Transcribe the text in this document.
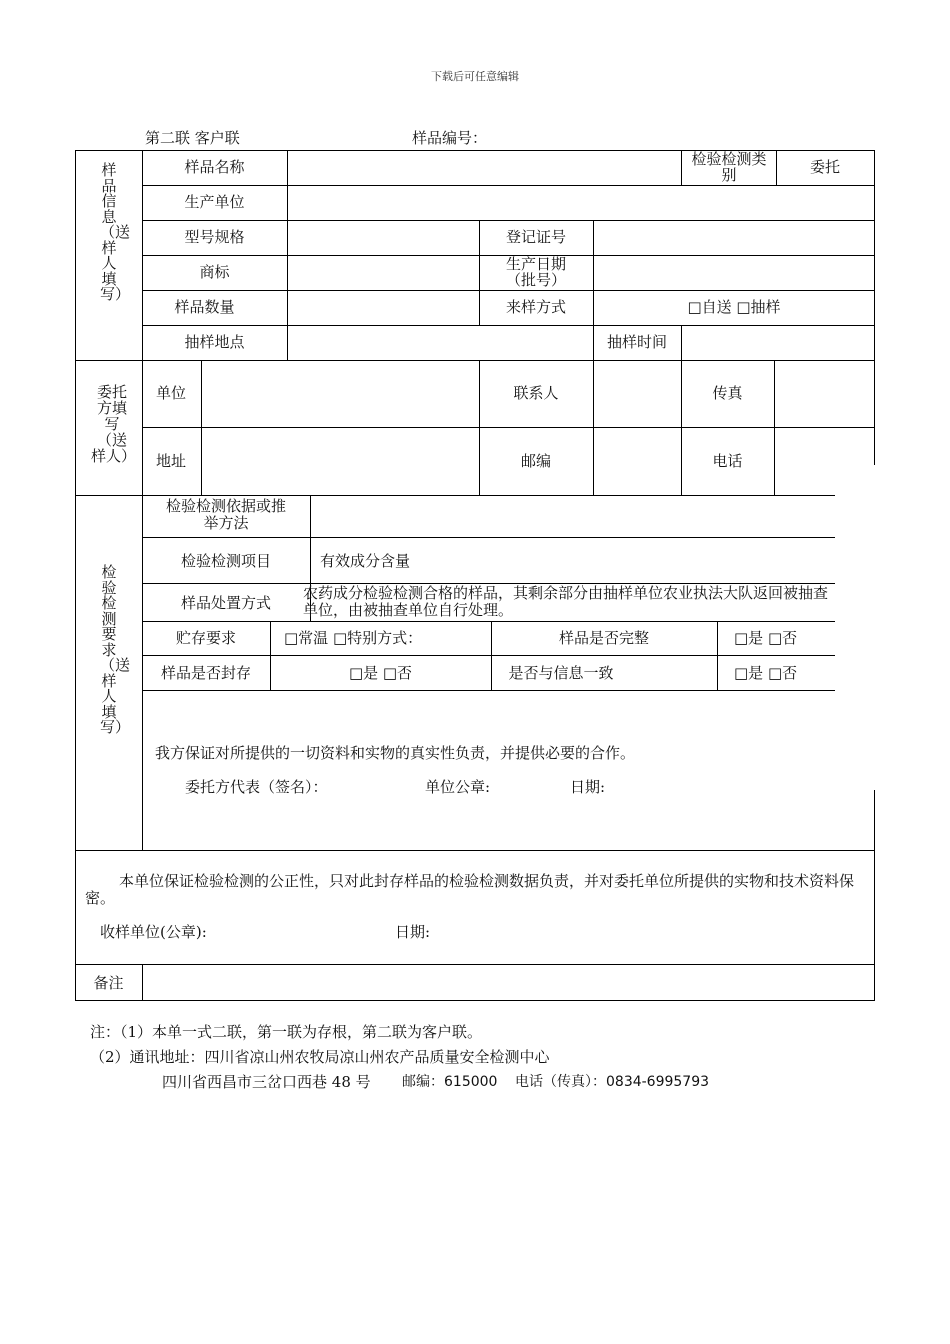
下载后可任意编辑
第二联 客户联	样品编号：
样品信息（送样人填写）
样品名称	检验检测类别	委托
生产单位
型号规格	登记证号
商标	生产日期（批号）
样品数量	来样方式	□自送 □抽样
抽样地点	抽样时间
委托方填写（送样人）
单位	联系人	传真
地址	邮编	电话
检验检测要求（送样人填写）
检验检测依据或推举方法
检验检测项目	有效成分含量
样品处置方式
农药成分检验检测合格的样品，其剩余部分由抽样单位农业执法大队返回被抽查单位，由被抽查单位自行处理。
贮存要求	□常温 □特别方式：	样品是否完整	□是 □否
样品是否封存	□是 □否	是否与信息一致	□是 □否
我方保证对所提供的一切资料和实物的真实性负责，并提供必要的合作。
委托方代表（签名）：	单位公章:	日期:
本单位保证检验检测的公正性，只对此封存样品的检验检测数据负责，并对委托单位所提供的实物和技术资料保密。
收样单位(公章):	日期:
备注
注：（1）本单一式二联，第一联为存根，第二联为客户联。
（2）通讯地址：四川省凉山州农牧局凉山州农产品质量安全检测中心
四川省西昌市三岔口西巷 48 号 邮编：615000 电话（传真）：0834-6995793
